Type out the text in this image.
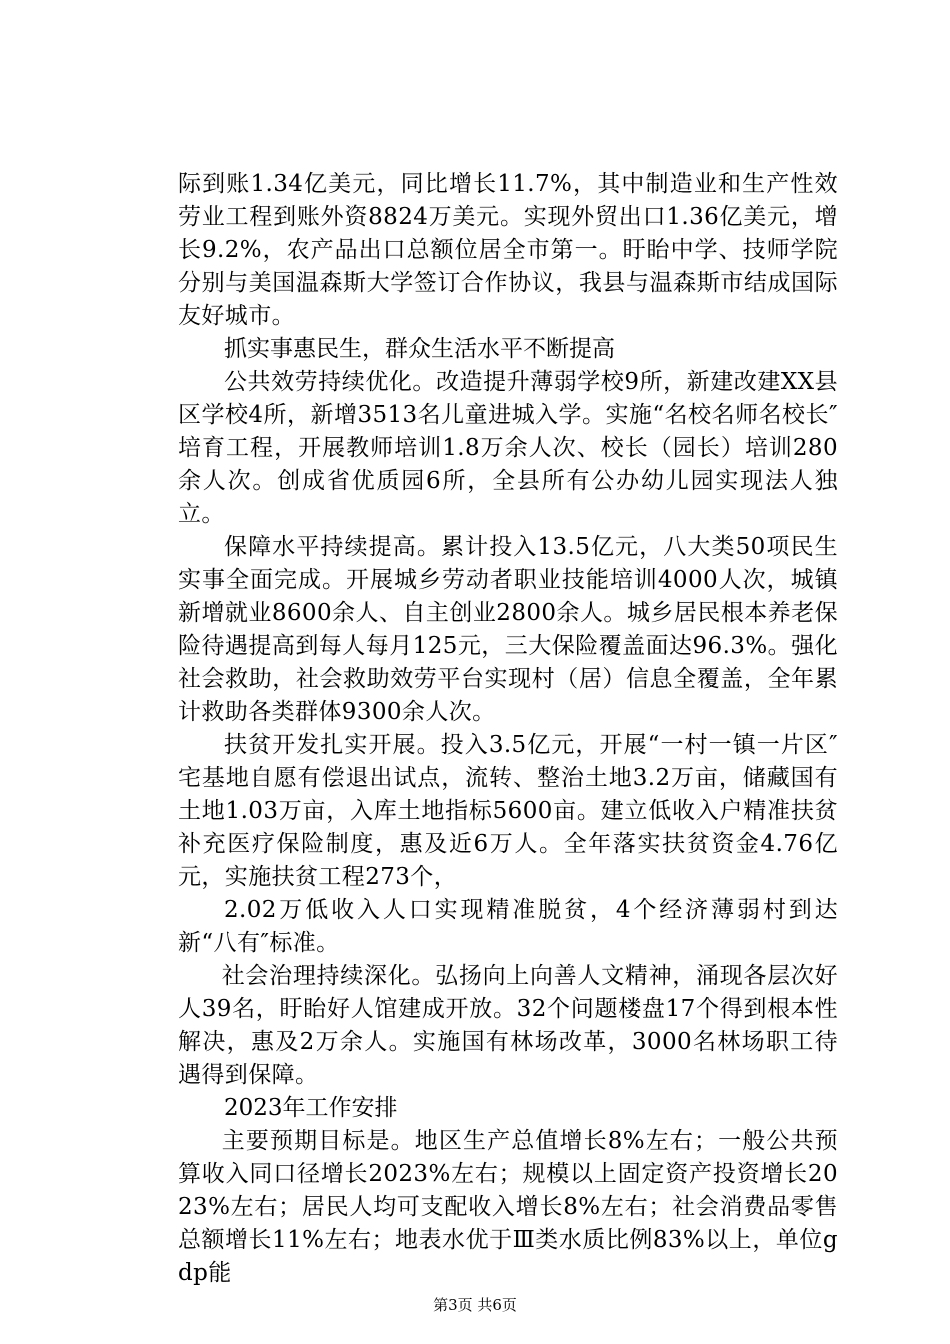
际到账1.34亿美元，同比增长11.7%，其中制造业和生产性效劳业工程到账外资8824万美元。实现外贸出口1.36亿美元，增长9.2%，农产品出口总额位居全市第一。盱眙中学、技师学院分别与美国温森斯大学签订合作协议，我县与温森斯市结成国际友好城市。

抓实事惠民生，群众生活水平不断提高

公共效劳持续优化。改造提升薄弱学校9所，新建改建XX县区学校4所，新增3513名儿童进城入学。实施“名校名师名校长″培育工程，开展教师培训1.8万余人次、校长（园长）培训280余人次。创成省优质园6所，全县所有公办幼儿园实现法人独立。

保障水平持续提高。累计投入13.5亿元，八大类50项民生实事全面完成。开展城乡劳动者职业技能培训4000人次，城镇新增就业8600余人、自主创业2800余人。城乡居民根本养老保险待遇提高到每人每月125元，三大保险覆盖面达96.3%。强化社会救助，社会救助效劳平台实现村（居）信息全覆盖，全年累计救助各类群体9300余人次。

扶贫开发扎实开展。投入3.5亿元，开展“一村一镇一片区″宅基地自愿有偿退出试点，流转、整治土地3.2万亩，储藏国有土地1.03万亩，入库土地指标5600亩。建立低收入户精准扶贫补充医疗保险制度，惠及近6万人。全年落实扶贫资金4.76亿元，实施扶贫工程273个，

2.02万低收入人口实现精准脱贫，4个经济薄弱村到达新“八有″标准。

社会治理持续深化。弘扬向上向善人文精神，涌现各层次好人39名，盱眙好人馆建成开放。32个问题楼盘17个得到根本性解决，惠及2万余人。实施国有林场改革，3000名林场职工待遇得到保障。

2023年工作安排

主要预期目标是。地区生产总值增长8%左右；一般公共预算收入同口径增长2023%左右；规模以上固定资产投资增长2023%左右；居民人均可支配收入增长8%左右；社会消费品零售总额增长11%左右；地表水优于Ⅲ类水质比例83%以上，单位gdp能

第3页 共6页
